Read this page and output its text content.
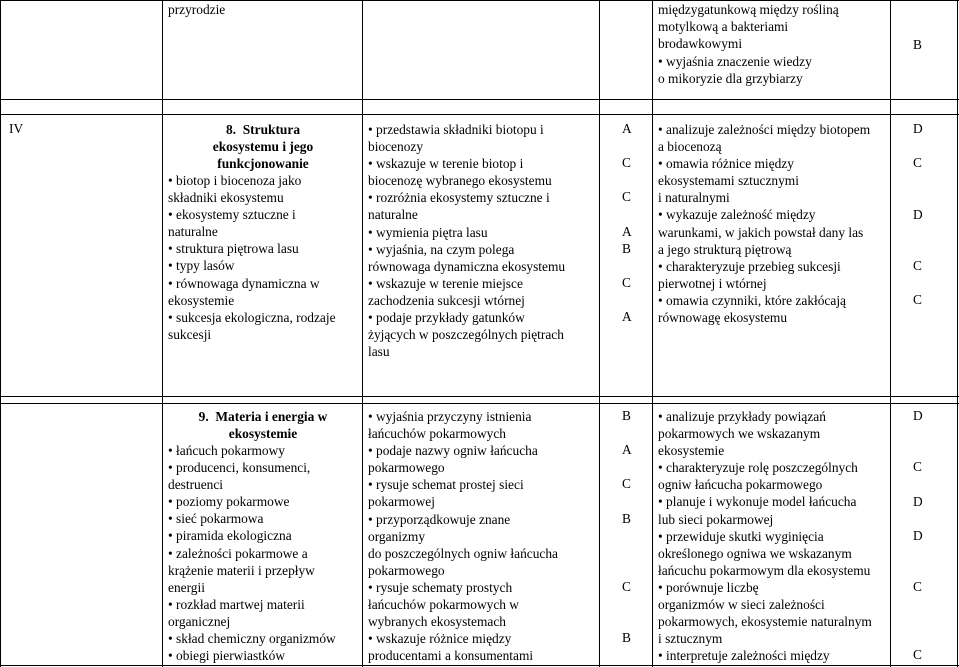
przyrodzie	międzygatunkową między rośliną
motylkową a bakteriami
brodawkowymi
• wyjaśnia znaczenie wiedzy
o mikoryzie dla grzybiarzy
B
IV	8. Struktura
ekosystemu i jego
funkcjonowanie
• biotop i biocenoza jako
składniki ekosystemu
• ekosystemy sztuczne i
naturalne
• struktura piętrowa lasu
• typy lasów
• równowaga dynamiczna w
ekosystemie
• sukcesja ekologiczna, rodzaje
sukcesji
• przedstawia składniki biotopu i
biocenozy
• wskazuje w terenie biotop i
biocenozę wybranego ekosystemu
• rozróżnia ekosystemy sztuczne i
naturalne
• wymienia piętra lasu
• wyjaśnia, na czym polega
równowaga dynamiczna ekosystemu
• wskazuje w terenie miejsce
zachodzenia sukcesji wtórnej
• podaje przykłady gatunków
żyjących w poszczególnych piętrach
lasu
A
C
C
A
B
C
A
• analizuje zależności między biotopem
a biocenozą
• omawia różnice między
ekosystemami sztucznymi
i naturalnymi
• wykazuje zależność między
warunkami, w jakich powstał dany las
a jego strukturą piętrową
• charakteryzuje przebieg sukcesji
pierwotnej i wtórnej
• omawia czynniki, które zakłócają
równowagę ekosystemu
D
C
D
C
C
9. Materia i energia w
ekosystemie
• łańcuch pokarmowy
• producenci, konsumenci,
destruenci
• poziomy pokarmowe
• sieć pokarmowa
• piramida ekologiczna
• zależności pokarmowe a
krążenie materii i przepływ
energii
• rozkład martwej materii
organicznej
• skład chemiczny organizmów
• obiegi pierwiastków
• wyjaśnia przyczyny istnienia
łańcuchów pokarmowych
• podaje nazwy ogniw łańcucha
pokarmowego
• rysuje schemat prostej sieci
pokarmowej
• przyporządkowuje znane
organizmy
do poszczególnych ogniw łańcucha
pokarmowego
• rysuje schematy prostych
łańcuchów pokarmowych w
wybranych ekosystemach
• wskazuje różnice między
producentami a konsumentami
B
A
C
B
C
B
• analizuje przykłady powiązań
pokarmowych we wskazanym
ekosystemie
• charakteryzuje rolę poszczególnych
ogniw łańcucha pokarmowego
• planuje i wykonuje model łańcucha
lub sieci pokarmowej
• przewiduje skutki wyginięcia
określonego ogniwa we wskazanym
łańcuchu pokarmowym dla ekosystemu
• porównuje liczbę
organizmów w sieci zależności
pokarmowych, ekosystemie naturalnym
i sztucznym
• interpretuje zależności między
D
C
D
D
C
C
